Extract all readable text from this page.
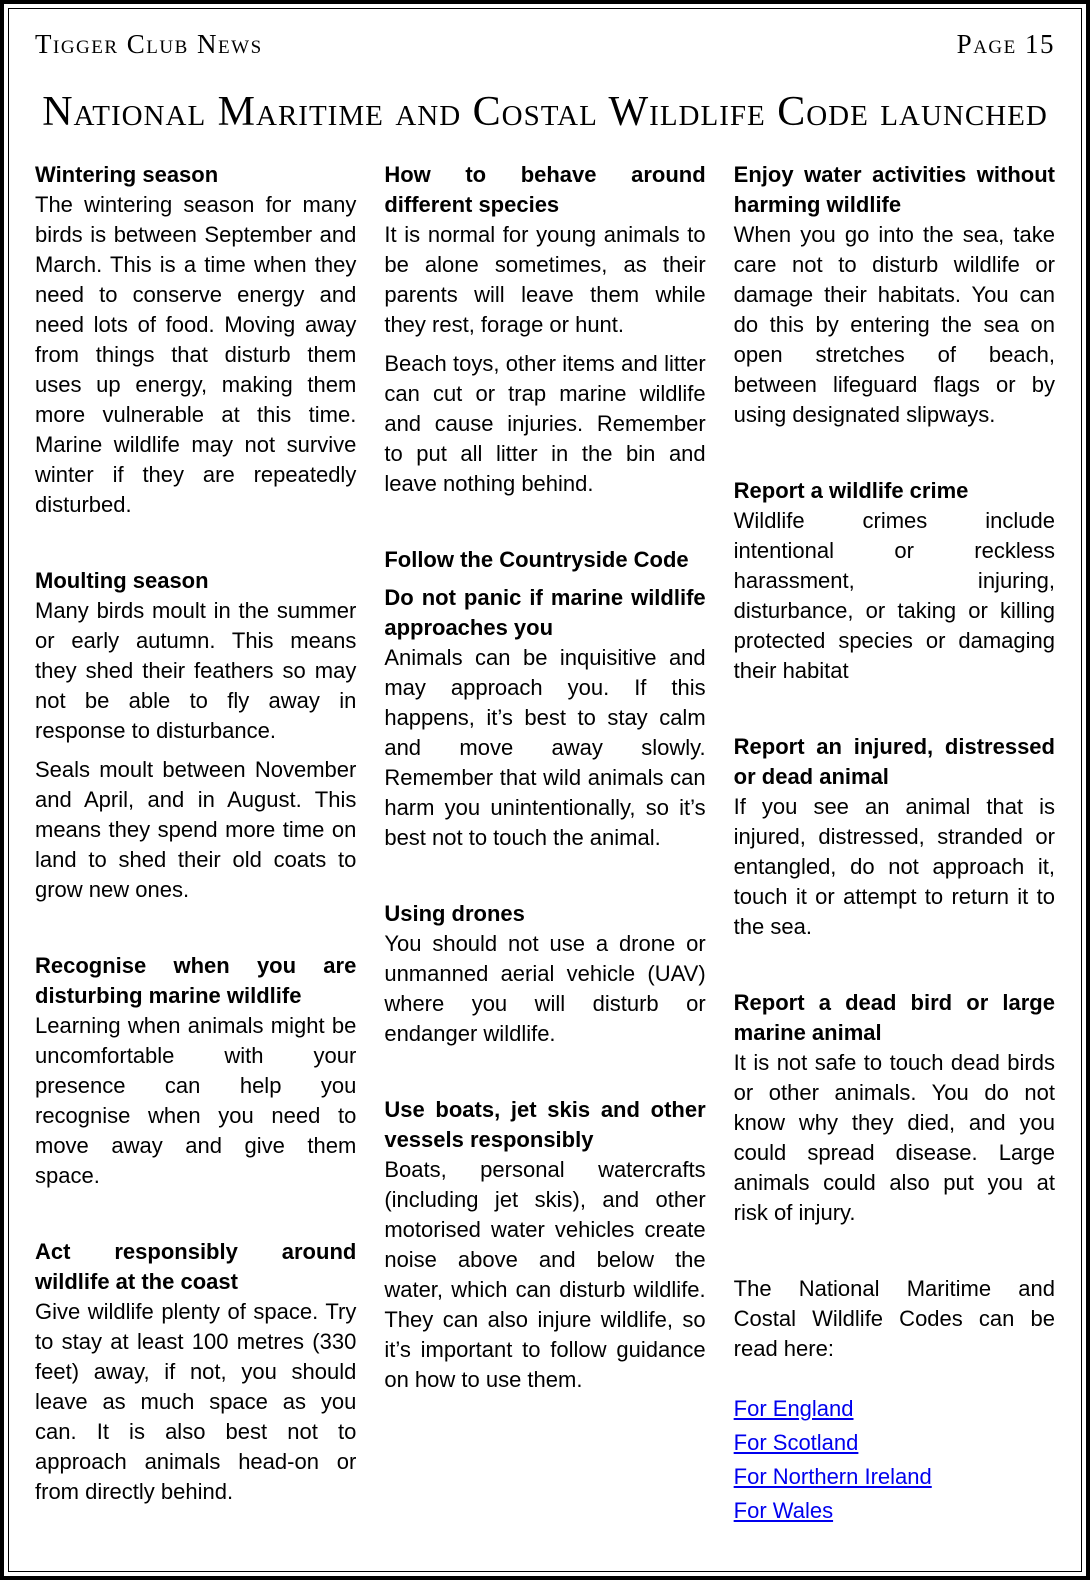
Tigger Club News	Page 15
National Maritime and Costal Wildlife Code launched
Wintering season

The wintering season for many birds is between September and March. This is a time when they need to conserve energy and need lots of food. Moving away from things that disturb them uses up energy, making them more vulnerable at this time. Marine wildlife may not survive winter if they are repeatedly disturbed.

Moulting season

Many birds moult in the summer or early autumn. This means they shed their feathers so may not be able to fly away in response to disturbance.

Seals moult between November and April, and in August. This means they spend more time on land to shed their old coats to grow new ones.

Recognise when you are disturbing marine wildlife

Learning when animals might be uncomfortable with your presence can help you recognise when you need to move away and give them space.

Act responsibly around wildlife at the coast

Give wildlife plenty of space. Try to stay at least 100 metres (330 feet) away, if not, you should leave as much space as you can. It is also best not to approach animals head-on or from directly behind.

How to behave around different species

It is normal for young animals to be alone sometimes, as their parents will leave them while they rest, forage or hunt.

Beach toys, other items and litter can cut or trap marine wildlife and cause injuries. Remember to put all litter in the bin and leave nothing behind.

Follow the Countryside Code
Do not panic if marine wildlife approaches you

Animals can be inquisitive and may approach you. If this happens, it’s best to stay calm and move away slowly. Remember that wild animals can harm you unintentionally, so it’s best not to touch the animal.

Using drones

You should not use a drone or unmanned aerial vehicle (UAV) where you will disturb or endanger wildlife.

Use boats, jet skis and other vessels responsibly

Boats, personal watercrafts (including jet skis), and other motorised water vehicles create noise above and below the water, which can disturb wildlife. They can also injure wildlife, so it’s important to follow guidance on how to use them.

Enjoy water activities without harming wildlife

When you go into the sea, take care not to disturb wildlife or damage their habitats. You can do this by entering the sea on open stretches of beach, between lifeguard flags or by using designated slipways.

Report a wildlife crime

Wildlife crimes include intentional or reckless harassment, injuring, disturbance, or taking or killing protected species or damaging their habitat

Report an injured, distressed or dead animal

If you see an animal that is injured, distressed, stranded or entangled, do not approach it, touch it or attempt to return it to the sea.

Report a dead bird or large marine animal

It is not safe to touch dead birds or other animals. You do not know why they died, and you could spread disease. Large animals could also put you at risk of injury.

The National Maritime and Costal Wildlife Codes can be read here:

For England
For Scotland
For Northern Ireland
For Wales
